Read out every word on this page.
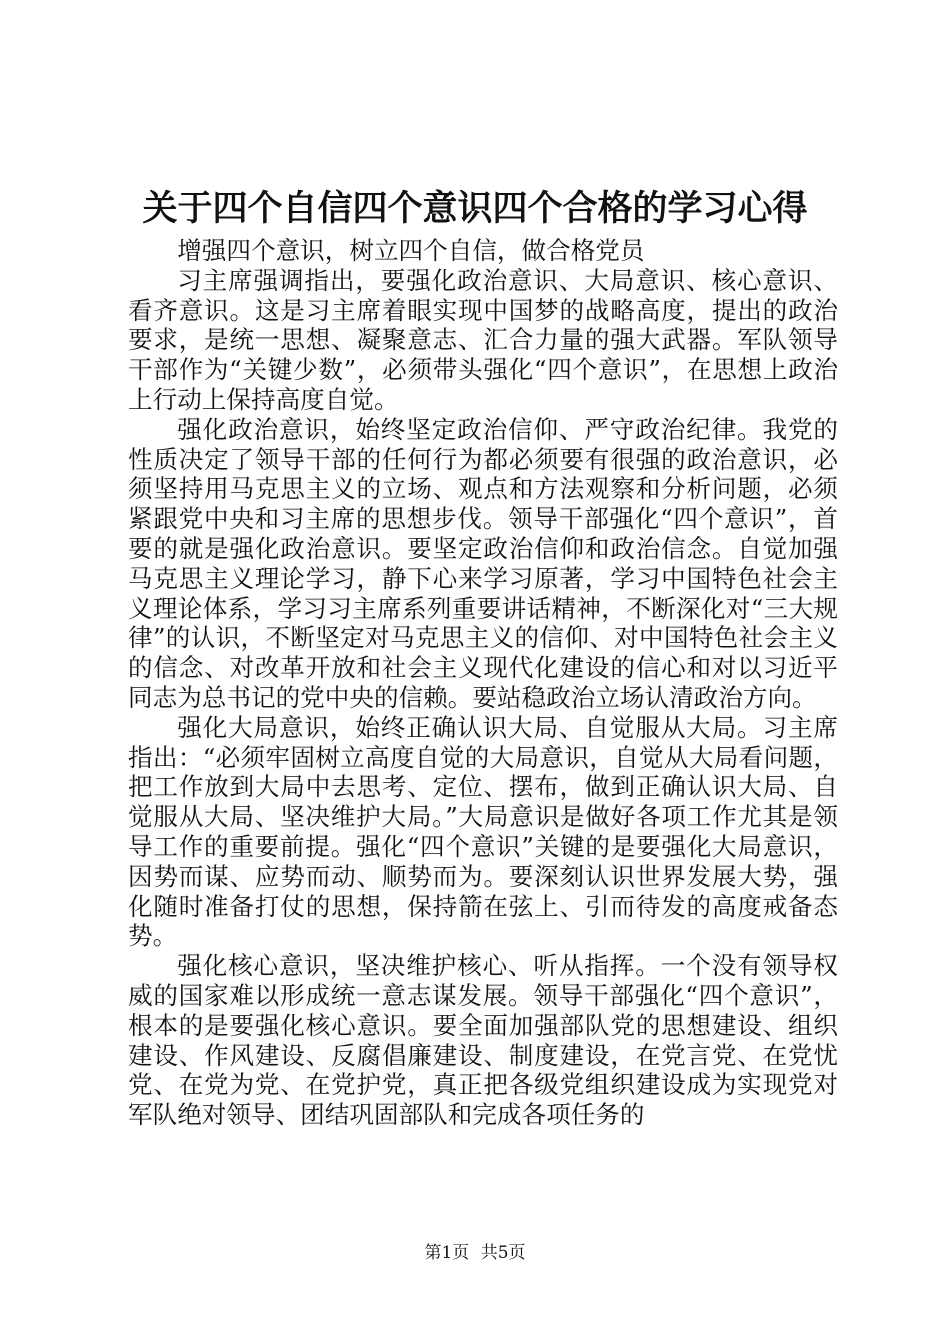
关于四个自信四个意识四个合格的学习心得

增强四个意识，树立四个自信，做合格党员

习主席强调指出，要强化政治意识、大局意识、核心意识、看齐意识。这是习主席着眼实现中国梦的战略高度，提出的政治要求，是统一思想、凝聚意志、汇合力量的强大武器。军队领导干部作为“关键少数”，必须带头强化“四个意识”，在思想上政治上行动上保持高度自觉。

强化政治意识，始终坚定政治信仰、严守政治纪律。我党的性质决定了领导干部的任何行为都必须要有很强的政治意识，必须坚持用马克思主义的立场、观点和方法观察和分析问题，必须紧跟党中央和习主席的思想步伐。领导干部强化“四个意识”，首要的就是强化政治意识。要坚定政治信仰和政治信念。自觉加强马克思主义理论学习，静下心来学习原著，学习中国特色社会主义理论体系，学习习主席系列重要讲话精神，不断深化对“三大规律”的认识，不断坚定对马克思主义的信仰、对中国特色社会主义的信念、对改革开放和社会主义现代化建设的信心和对以习近平同志为总书记的党中央的信赖。要站稳政治立场认清政治方向。

强化大局意识，始终正确认识大局、自觉服从大局。习主席指出：“必须牢固树立高度自觉的大局意识，自觉从大局看问题，把工作放到大局中去思考、定位、摆布，做到正确认识大局、自觉服从大局、坚决维护大局。”大局意识是做好各项工作尤其是领导工作的重要前提。强化“四个意识”关键的是要强化大局意识，因势而谋、应势而动、顺势而为。要深刻认识世界发展大势，强化随时准备打仗的思想，保持箭在弦上、引而待发的高度戒备态势。

强化核心意识，坚决维护核心、听从指挥。一个没有领导权威的国家难以形成统一意志谋发展。领导干部强化“四个意识”，根本的是要强化核心意识。要全面加强部队党的思想建设、组织建设、作风建设、反腐倡廉建设、制度建设，在党言党、在党忧党、在党为党、在党护党，真正把各级党组织建设成为实现党对军队绝对领导、团结巩固部队和完成各项任务的

第1页 共5页
